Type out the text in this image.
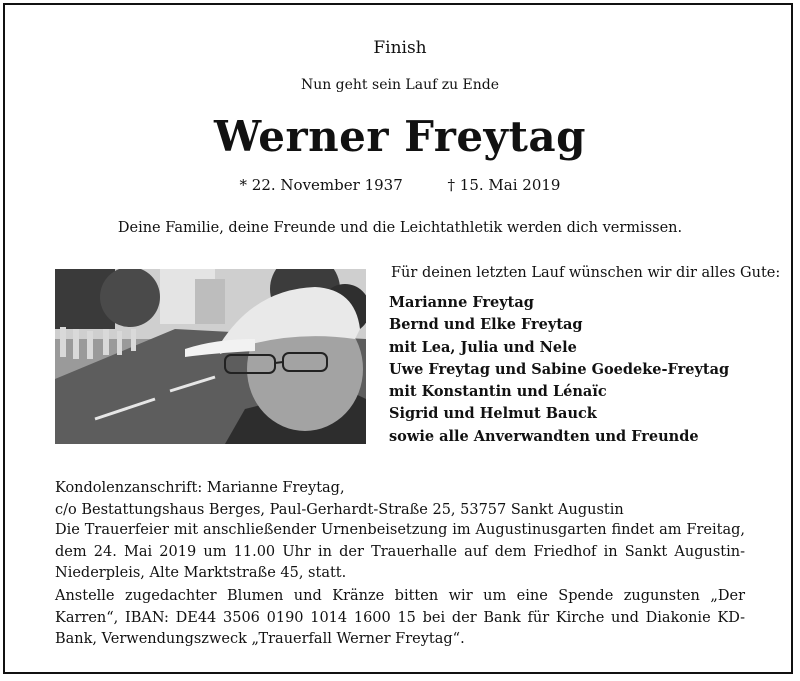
Finish
Nun geht sein Lauf zu Ende
Werner Freytag
* 22. November 1937	† 15. Mai 2019
Deine Familie, deine Freunde und die Leichtathletik werden dich vermissen.
Für deinen letzten Lauf wünschen wir dir alles Gute:
Marianne Freytag
Bernd und Elke Freytag
mit Lea, Julia und Nele
Uwe Freytag und Sabine Goedeke-Freytag
mit Konstantin und Lénaïc
Sigrid und Helmut Bauck
sowie alle Anverwandten und Freunde
Kondolenzanschrift: Marianne Freytag,
c/o Bestattungshaus Berges, Paul-Gerhardt-Straße 25, 53757 Sankt Augustin
Die Trauerfeier mit anschließender Urnenbeisetzung im Augustinusgarten findet am Freitag, dem 24. Mai 2019 um 11.00 Uhr in der Trauerhalle auf dem Friedhof in Sankt Augustin-Niederpleis, Alte Marktstraße 45, statt.
Anstelle zugedachter Blumen und Kränze bitten wir um eine Spende zugunsten „Der Karren“, IBAN: DE44 3506 0190 1014 1600 15 bei der Bank für Kirche und Diakonie KD-Bank, Verwendungszweck „Trauerfall Werner Freytag“.
